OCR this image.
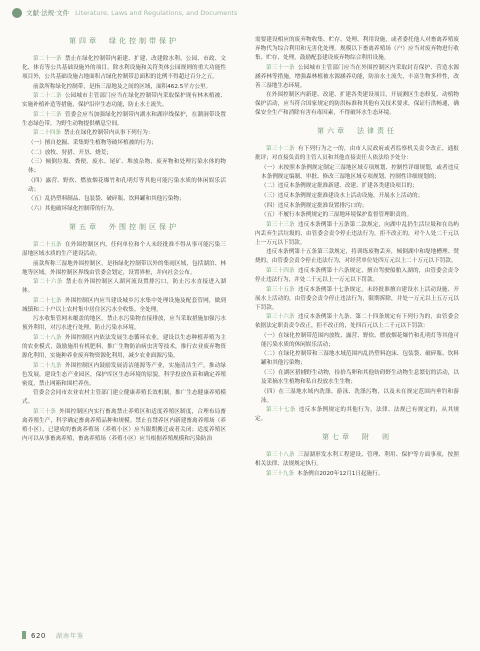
文献·法规·文件 Literature, Laws and Regulations, and Documents
第四章　绿化控制带保护

第二十一条 禁止在绿化控制带内新建、扩建、改建除水利、公园、市政、文化、体育等公共基础设施外的项目。除水利设施和关符类体公园规则的重大功能性项目外，公共基础设施占地面积占绿化控制带总面积的比例不得超过百分之五。

前款所称绿化控制带，是指三湿地及之间的区域，面积462.5平方公里。

第二十二条 公园城市主管部门应当在绿化控制带内采取保护现有林木植被、实施补植补造等措施，保护沿岸生态功能，防止水土流失。

第二十三条 管委会应当加强绿化控制带内湖水和湖岸线保护，在潮洞带设置生态绿色带，为野生动物提供栖息空间。

第二十四条 禁止在绿化控制带内从事下列行为：

（一）擅自挖掘、采集野生植物等破坏植被的行为；

（二）放牧、狩猎、开垦、烧荒；

（三）倾倒垃圾、粪便、废水、尾矿、堆放杂物、废弃物和处理污染水体的物体；

（四）露营、野炊、燃放烟花爆竹和孔明灯等其他可能污染水质的休闲娱乐活动；

（五）乱扔塑料制品、包装袋、破碎瓶、饮料罐和其他污染物；

（六）其他破坏绿化控制带的行为。

第五章　外围控制区保护

第二十五条 在外围控制区内，任何单位和个人未经批准不得从事可能污染三湿地区域水质的生产建设活动。

前款所称三湿地外围控制区，是指绿化控制带以外的集雨区域，包括湖泊、林地等区域。外围控制区界线由管委会划定，设置界桩，并向社会公布。

第二十六条 禁止在外围控制区人湖河流设置排污口，防止污水直接进入湖体。

第二十七条 外围控制区内应当建设城乡污水集中处理设施及配套管网，做到城镇和二十户以上农村集中居住区污水全收集、全处理。

污水收集管网未覆盖的地区，禁止水污染物直接排放，应当采取措施加强污水预外利用，对污水进行处理，防止污染水环境。

第二十八条 外围控制区内依法发展生态循环农业，建设以生态种植养殖为主的农业模式，鼓励施用有机肥料，推广生物防治病虫害等技术，推行农业废弃物资源化利用，实施种养业废弃物资源化利用，减少农业面源污染。

第二十九条 外围控制区内鼓励发展清洁能源等产业，实施清洁生产，推动绿色发展，建设生态产业园区，保护库区生态环境的原貌，科学投放鱼苗和确定养殖密度，禁止网箱和围栏养鱼。

管委会会同市农业农村主管部门建立健康养殖长效机制，推广生态健康养殖模式。

第三十条 外围控制区内实行畜禽禁止养殖区和适度养殖区制度，合理布局畜禽养殖生产，科学确定畜禽养殖品种和规模。禁止在禁养区内新建畜禽养殖场（养殖小区），已建成的畜禽养殖场（养殖小区）应当限期搬迁或者关闭；适度养殖区内可以从事畜禽养殖，畜禽养殖场（养殖小区）应当根据养殖规模和污染防治

需要建设相应的废弃物收集、贮存、处理、利用设施，或者委托他人对畜禽养殖废弃物代为综合利用和无害化处理。规模以下畜禽养殖场（户）应当对废弃物进行收集、贮存、处理，鼓励配套建设废弃物综合利用设施。

第三十一条 公园城市主管部门应当在外围控制区内采取封育保护、营造水源涵养林等措施，增强森林植被水源涵养功能，防治水土流失，丰富生物多样性，改善三湿地生态环境。

在外围控制区内新建、改建、扩建各类建设项目，开展测区生态修复、动植物保护活动，应当符合国家规定的防洪标准和其他有关技术要求，保证行洪畅通，确保安全生产和消除有害有毒因素，不得破坏水生态环境。

第六章　法律责任

第三十二条 有下列行为之一的，由市人民政府或者监察机关责令改正，通报批评；对直接负责的主管人员和其他直接责任人依法给予处分：

（一）未按照本条例规定制定三湿地区域专项规划、控制性详细规划，或者违反本条例规定编制、审批、修改三湿地区域专项规划、控制性详细规划的；

（二）违反本条例规定批准新建、改建、扩建各类建设项目的；

（三）违反本条例规定批准建设水上活动设施、开展水上活动的；

（四）违反本条例规定批准设置排污口的；

（五）不履行本条例规定的三湿地环境保护监督管理职责的。

第三十三条 违反本条例第十五条第二款规定，向湖中乱扔生活垃圾和在岛屿内丢弃生活垃圾的，由管委会责令停止违法行为，拒不改正的，对个人处二千元以上一万元以下罚款。

违反本条例第十五条第三款规定，将训练废物丢弃，倾倒湖中和堤地槽理、焚烧的，由管委会责令停止违法行为，对经营单位处四万元以上二十万元以下罚款。

第三十四条 违反本条例第十六条规定，擅自驾驶船舶入湖的，由管委会责令停止违法行为，并处二千元以上一万元以下罚款。

第三十五条 违反本条例第十七条规定，未经批准擅自建设水上活动设施、开展水上活动的，由管委会责令停止违法行为，限期拆除，并处一万元以上五万元以下罚款。

第三十六条 违反本条例第十九条、第二十四条规定有下列行为的，由管委会依据法定职责责令改正，拒不改正的，处四百元以上二千元以下罚款：

（一）在绿化控制带范围内放牧、露营、野炊、燃放烟花爆竹和孔明灯等其他可能污染水质的休闲娱乐活动；

（二）在绿化控制带和三湿地水域范围内乱扔塑料泡沫、包装袋、破碎瓶、饮料罐和其他污染物；

（三）在湖区猎捕野生动物，捡拾鸟卵和其他妨碍野生动物生息繁衍的活动，以及采摘水生植物和私自投放水生生物；

（四）在三湿地水域内洗涤、游泳、洗涤污物，以及未在规定范围内垂钓和游泳。

第三十七条 违反本条例规定的其他行为，法律、法规已有规定的，从其规定。

第七章　附　则

第三十八条 三湿湖形发水利工程建设、管理、利用、保护等方面事项，按照相关法律、法规规定执行。

第三十九条 本条例自2020年12月1日起施行。

620 湖南年鉴
